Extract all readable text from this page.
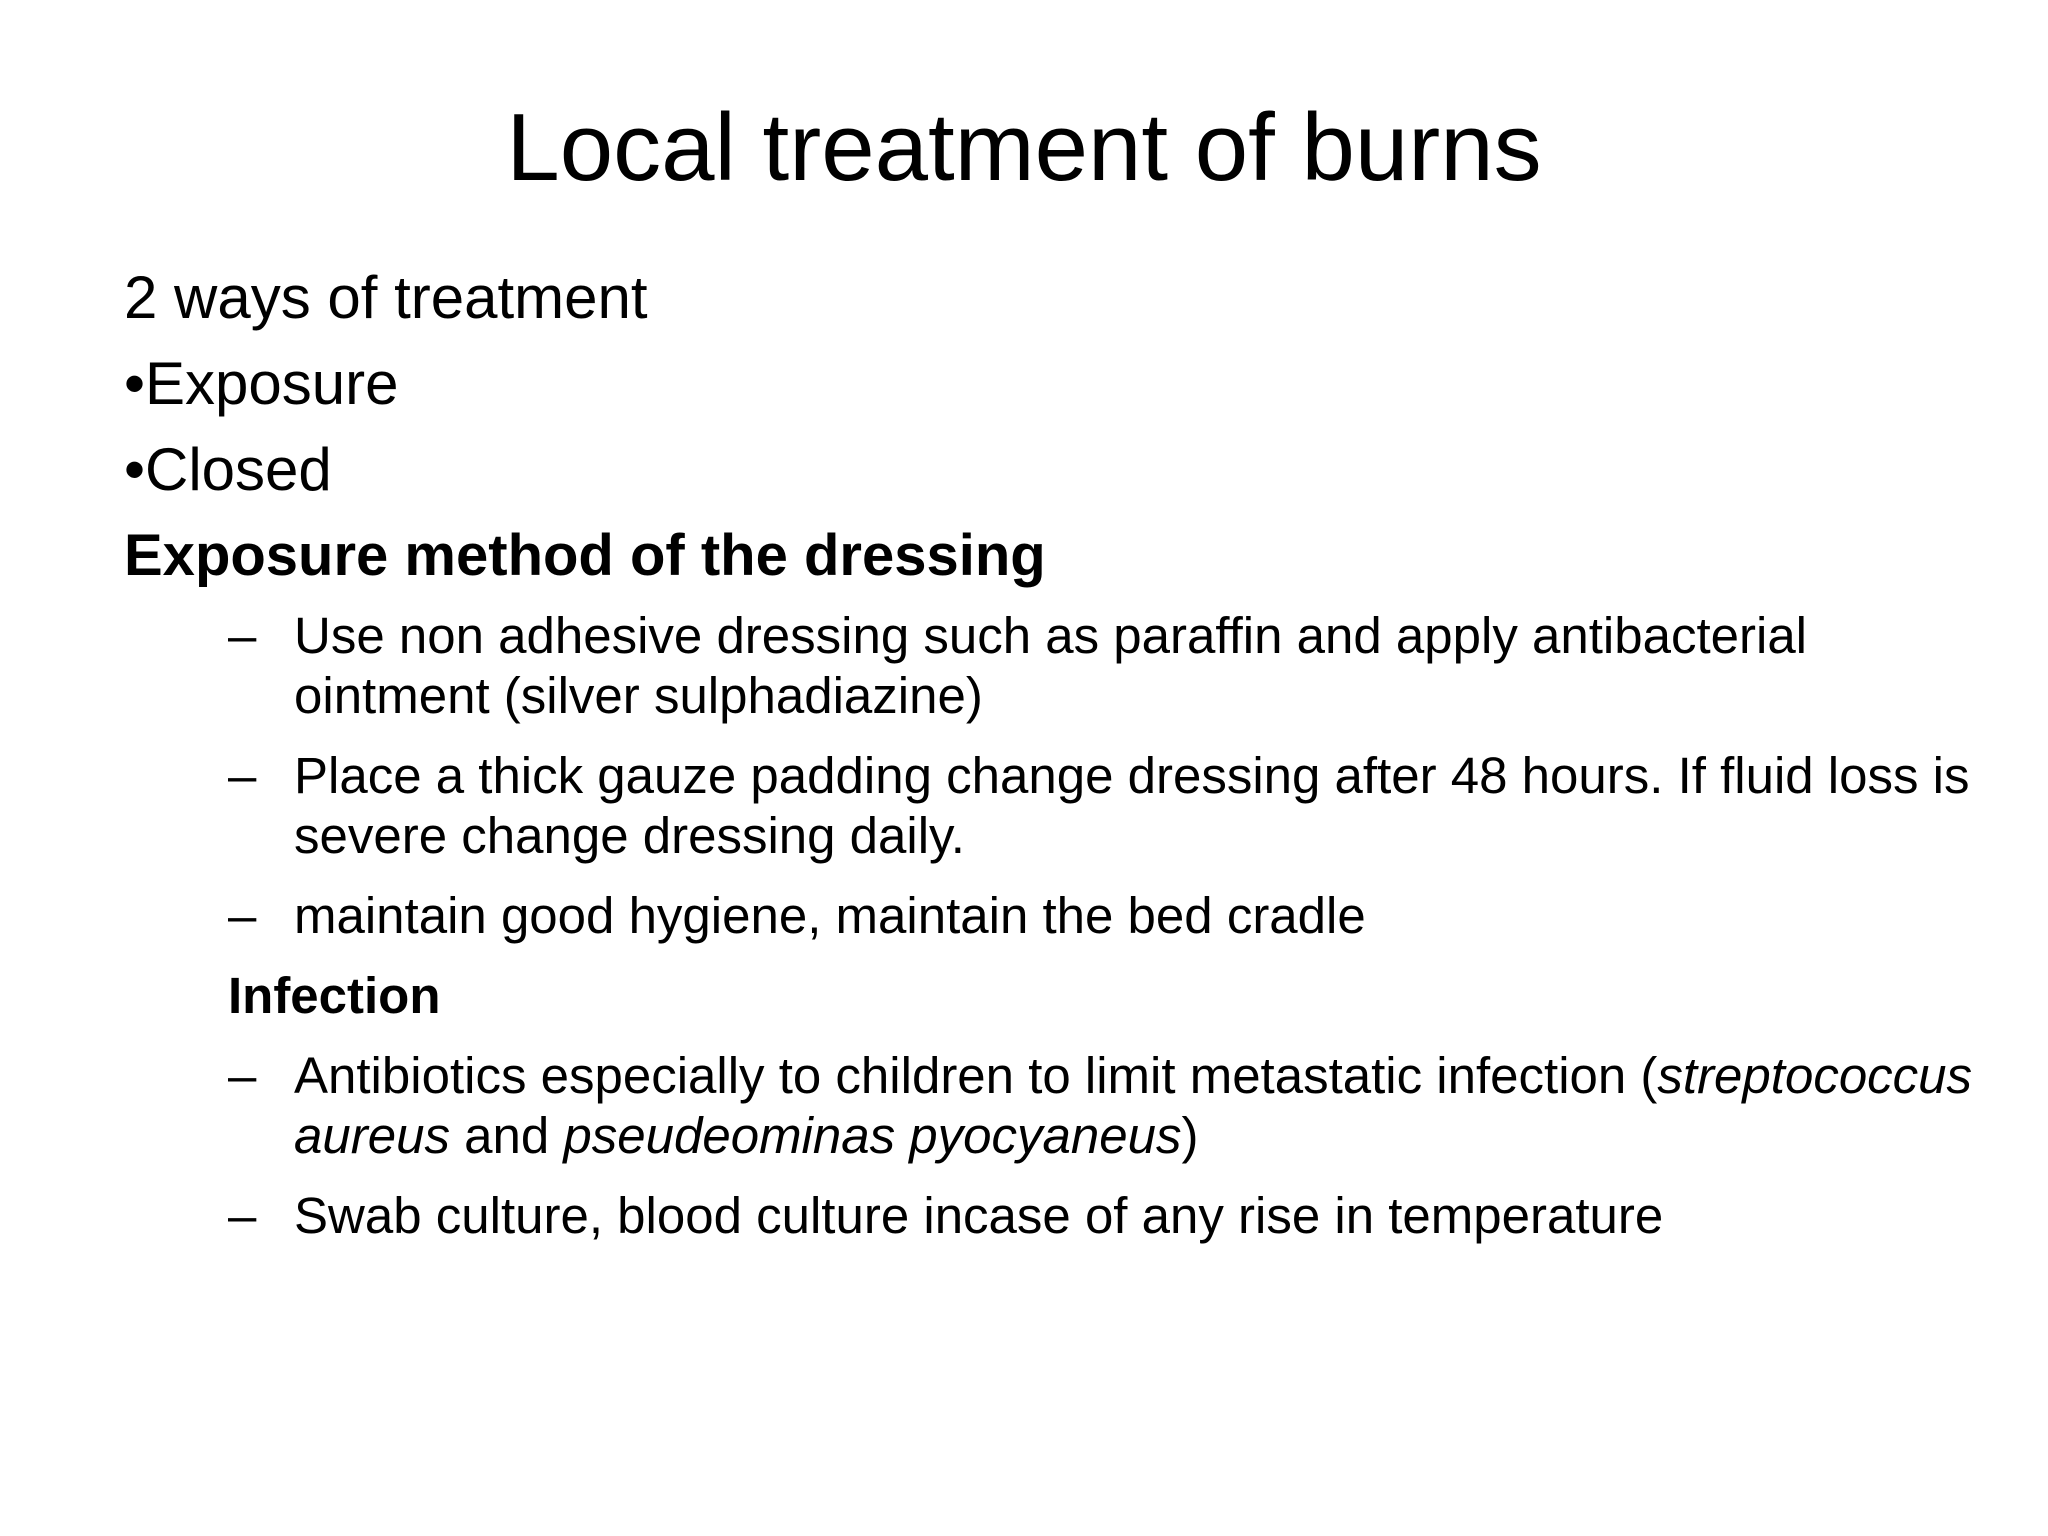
Local treatment of burns

2 ways of treatment

•Exposure

•Closed

Exposure method of the dressing

– Use non adhesive dressing such as paraffin and apply antibacterial ointment (silver sulphadiazine)
– Place a thick gauze padding change dressing after 48 hours. If fluid loss is severe change dressing daily.
– maintain good hygiene, maintain the bed cradle
Infection
– Antibiotics especially to children to limit metastatic infection (streptococcus aureus and pseudeominas pyocyaneus)
– Swab culture, blood culture incase of any rise in temperature
